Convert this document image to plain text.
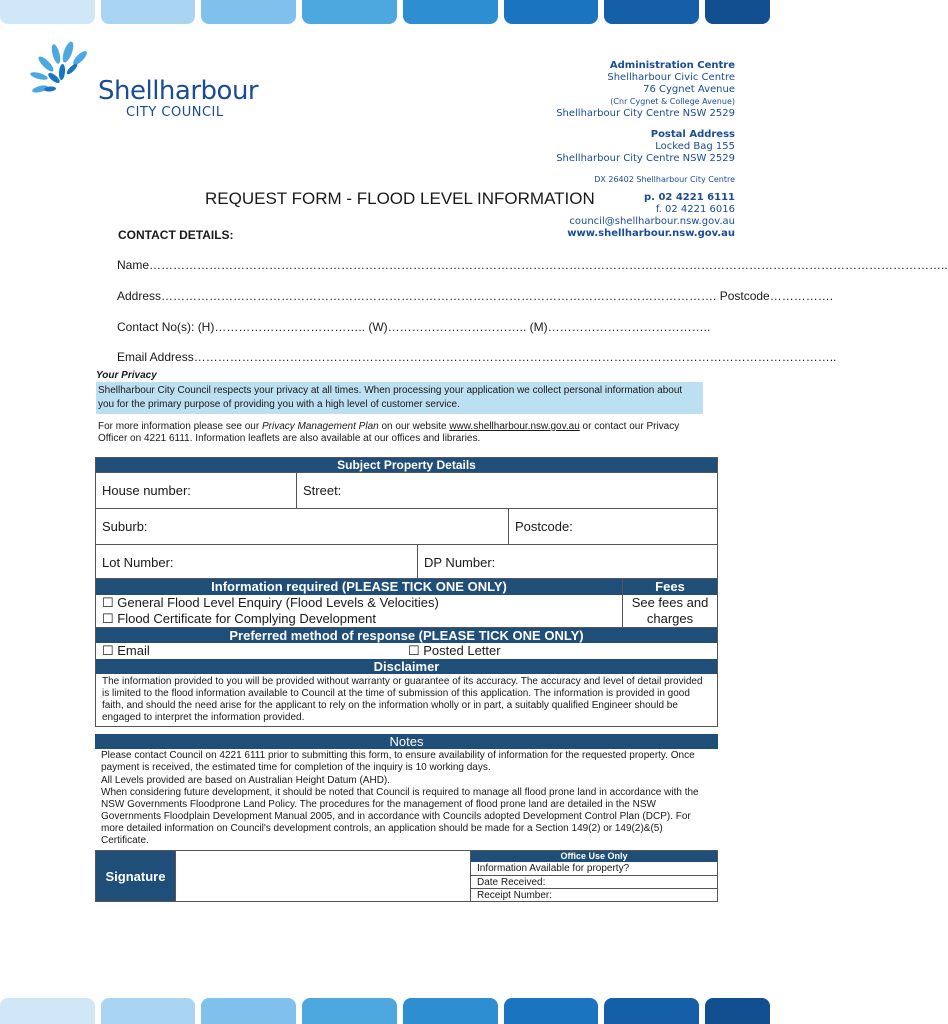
Shellharbour
CITY COUNCIL
Administration Centre
Shellharbour Civic Centre
76 Cygnet Avenue
(Cnr Cygnet & College Avenue)
Shellharbour City Centre NSW 2529
Postal Address
Locked Bag 155
Shellharbour City Centre NSW 2529
DX 26402 Shellharbour City Centre
p. 02 4221 6111
f. 02 4221 6016
council@shellharbour.nsw.gov.au
www.shellharbour.nsw.gov.au
REQUEST FORM - FLOOD LEVEL INFORMATION
CONTACT DETAILS:
Name………………………………………………………………………………………………………………………………………………………………………………..
Address…………………………………………………………………………………………………………………………. Postcode…………….
Contact No(s): (H)……………………………….. (W)…………………………….. (M)…………………………………..
Email Address……………………………………………………………………………………………………………………………………………..
Your Privacy
Shellharbour City Council respects your privacy at all times. When processing your application we collect personal information about you for the primary purpose of providing you with a high level of customer service.
For more information please see our Privacy Management Plan on our website www.shellharbour.nsw.gov.au or contact our Privacy Officer on 4221 6111. Information leaflets are also available at our offices and libraries.
Subject Property Details
House number:	Street:
Suburb:	Postcode:
Lot Number:	DP Number:
Information required (PLEASE TICK ONE ONLY)
☐ General Flood Level Enquiry (Flood Levels & Velocities)
☐ Flood Certificate for Complying Development
Fees
See fees and charges
Preferred method of response (PLEASE TICK ONE ONLY)
☐ Email	☐ Posted Letter
Disclaimer
The information provided to you will be provided without warranty or guarantee of its accuracy. The accuracy and level of detail provided is limited to the flood information available to Council at the time of submission of this application. The information is provided in good faith, and should the need arise for the applicant to rely on the information wholly or in part, a suitably qualified Engineer should be engaged to interpret the information provided.
Notes
Please contact Council on 4221 6111 prior to submitting this form, to ensure availability of information for the requested property. Once payment is received, the estimated time for completion of the inquiry is 10 working days.
All Levels provided are based on Australian Height Datum (AHD).
When considering future development, it should be noted that Council is required to manage all flood prone land in accordance with the NSW Governments Floodprone Land Policy. The procedures for the management of flood prone land are detailed in the NSW Governments Floodplain Development Manual 2005, and in accordance with Councils adopted Development Control Plan (DCP). For more detailed information on Council's development controls, an application should be made for a Section 149(2) or 149(2)&(5) Certificate.
Signature
Office Use Only
Information Available for property?
Date Received:
Receipt Number:
